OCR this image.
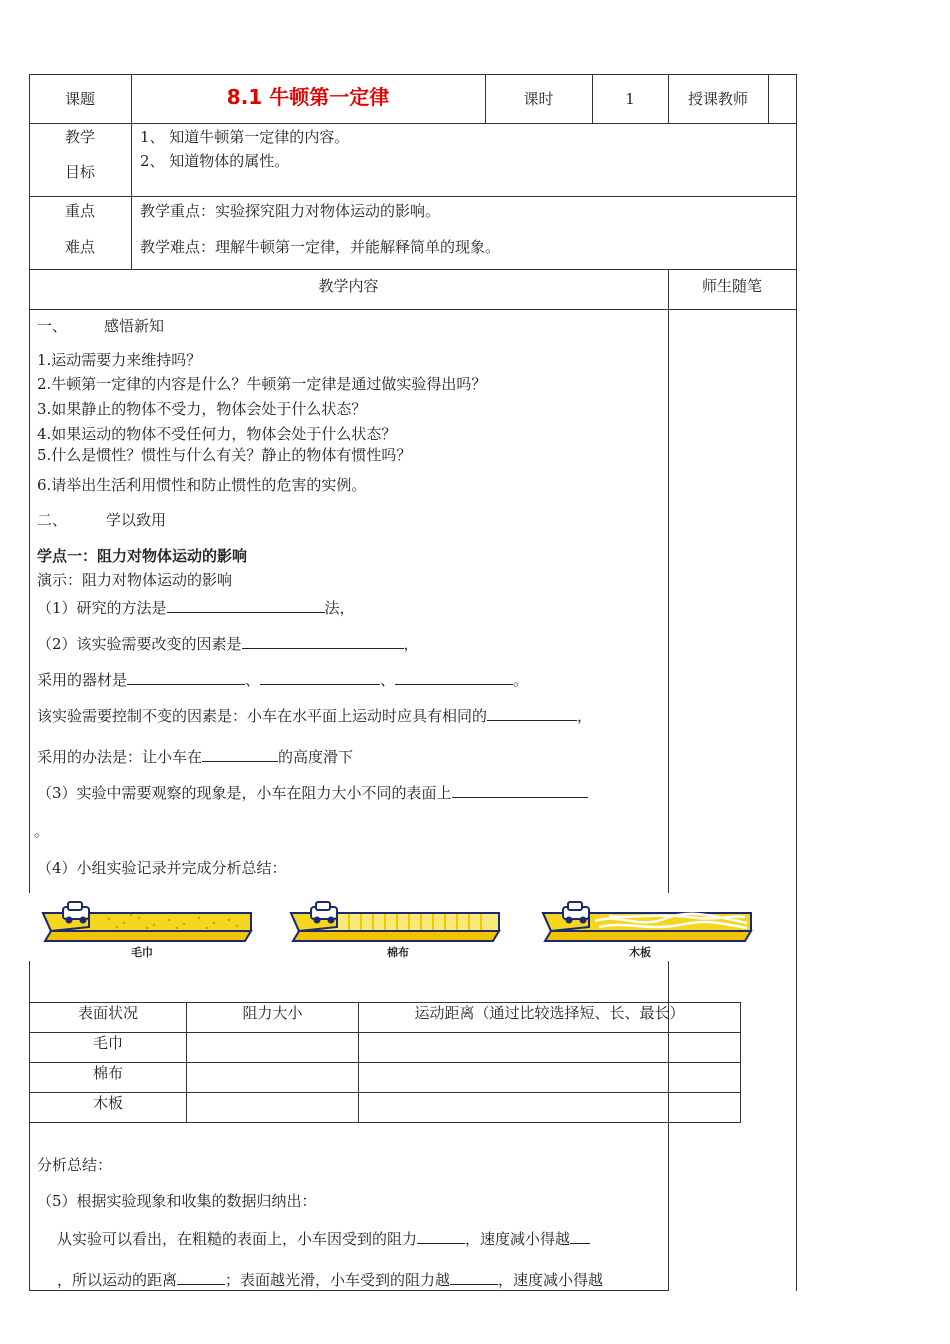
课题	8.1 牛顿第一定律	课时	1	授课教师
教学
目标
1、 知道牛顿第一定律的内容。
2、 知道物体的属性。
重点
难点
教学重点：实验探究阻力对物体运动的影响。
教学难点：理解牛顿第一定律，并能解释简单的现象。
教学内容	师生随笔
一、 感悟新知
1.运动需要力来维持吗？
2.牛顿第一定律的内容是什么？牛顿第一定律是通过做实验得出吗？
3.如果静止的物体不受力，物体会处于什么状态？
4.如果运动的物体不受任何力，物体会处于什么状态？
5.什么是惯性？惯性与什么有关？静止的物体有惯性吗？
6.请举出生活利用惯性和防止惯性的危害的实例。
二、	学以致用
学点一：阻力对物体运动的影响
演示：阻力对物体运动的影响
（1）研究的方法是	法，
（2）该实验需要改变的因素是	，
采用的器材是	、	、	。
该实验需要控制不变的因素是：小车在水平面上运动时应具有相同的	，
采用的办法是：让小车在	的高度滑下
（3）实验中需要观察的现象是，小车在阻力大小不同的表面上
。
（4）小组实验记录并完成分析总结：
毛巾	棉布	木板
表面状况	阻力大小	运动距离（通过比较选择短、长、最长）
毛巾		
棉布		
木板		
分析总结：
（5）根据实验现象和收集的数据归纳出：
从实验可以看出，在粗糙的表面上，小车因受到的阻力	，速度减小得越
，所以运动的距离	；表面越光滑，小车受到的阻力越	，速度减小得越
